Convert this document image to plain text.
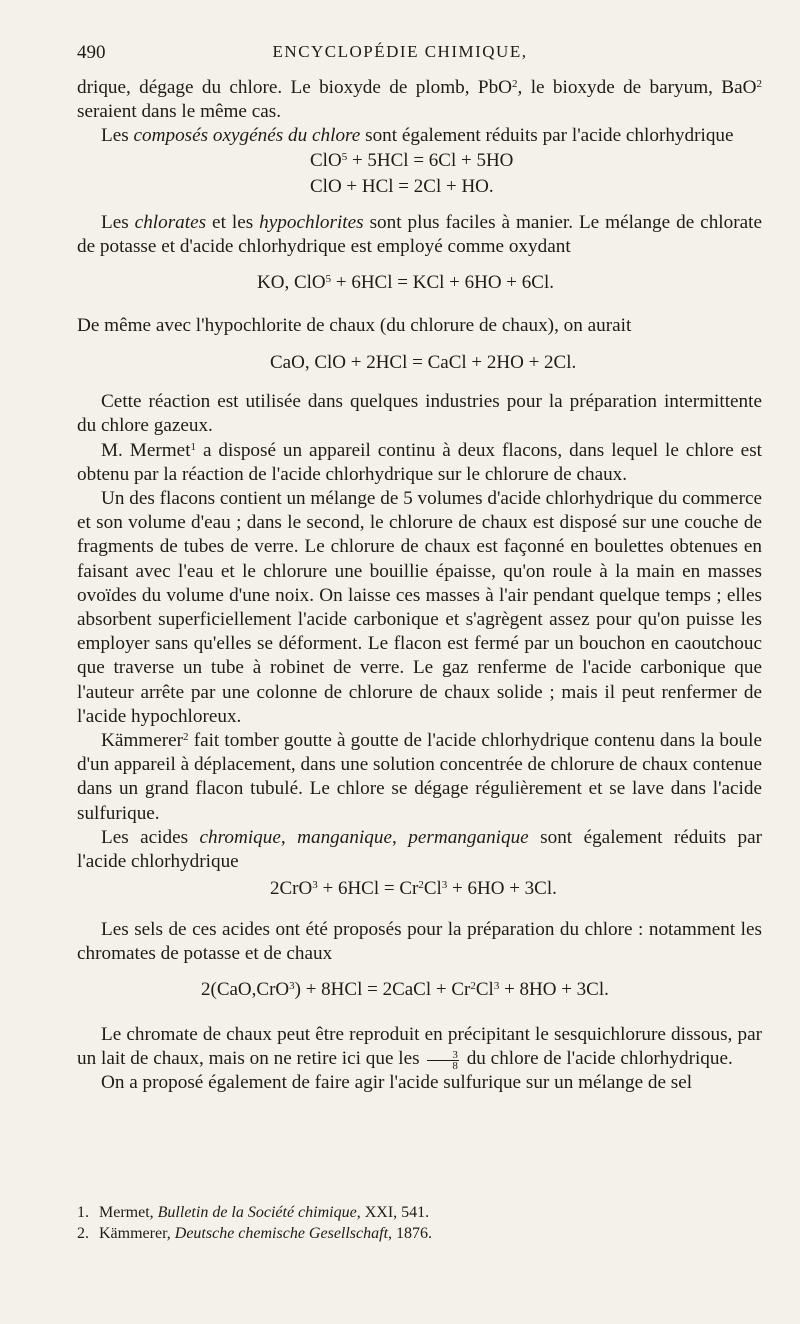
490	ENCYCLOPÉDIE CHIMIQUE,

drique, dégage du chlore. Le bioxyde de plomb, PbO$^2$, le bioxyde de baryum, BaO$^2$ seraient dans le même cas.

Les composés oxygénés du chlore sont également réduits par l'acide chlorhydrique

ClO$^5$ + 5HCl = 6Cl + 5HO
ClO + HCl = 2Cl + HO.

Les chlorates et les hypochlorites sont plus faciles à manier. Le mélange de chlorate de potasse et d'acide chlorhydrique est employé comme oxydant

KO, ClO$^5$ + 6HCl = KCl + 6HO + 6Cl.

De même avec l'hypochlorite de chaux (du chlorure de chaux), on aurait

CaO, ClO + 2HCl = CaCl + 2HO + 2Cl.

Cette réaction est utilisée dans quelques industries pour la préparation intermittente du chlore gazeux.

M. Mermet$^1$ a disposé un appareil continu à deux flacons, dans lequel le chlore est obtenu par la réaction de l'acide chlorhydrique sur le chlorure de chaux.

Un des flacons contient un mélange de 5 volumes d'acide chlorhydrique du commerce et son volume d'eau ; dans le second, le chlorure de chaux est disposé sur une couche de fragments de tubes de verre. Le chlorure de chaux est façonné en boulettes obtenues en faisant avec l'eau et le chlorure une bouillie épaisse, qu'on roule à la main en masses ovoïdes du volume d'une noix. On laisse ces masses à l'air pendant quelque temps ; elles absorbent superficiellement l'acide carbonique et s'agrègent assez pour qu'on puisse les employer sans qu'elles se déforment. Le flacon est fermé par un bouchon en caoutchouc que traverse un tube à robinet de verre. Le gaz renferme de l'acide carbonique que l'auteur arrête par une colonne de chlorure de chaux solide ; mais il peut renfermer de l'acide hypochloreux.

Kämmerer$^2$ fait tomber goutte à goutte de l'acide chlorhydrique contenu dans la boule d'un appareil à déplacement, dans une solution concentrée de chlorure de chaux contenue dans un grand flacon tubulé. Le chlore se dégage régulièrement et se lave dans l'acide sulfurique.

Les acides chromique, manganique, permanganique sont également réduits par l'acide chlorhydrique

$2CrO^3 + 6HCl = Cr^2Cl^3 + 6HO + 3Cl$.

Les sels de ces acides ont été proposés pour la préparation du chlore : notamment les chromates de potasse et de chaux

2(CaO,CrO$^3$) + 8HCl = 2CaCl + $Cr^2Cl^3 + 8HO + 3Cl$.

Le chromate de chaux peut être reproduit en précipitant le sesquichlorure dissous, par un lait de chaux, mais on ne retire ici que les $\frac{3}{8}$ du chlore de l'acide chlorhydrique.

On a proposé également de faire agir l'acide sulfurique sur un mélange de sel

1. Mermet, Bulletin de la Société chimique, XXI, 541.
2. Kämmerer, Deutsche chemische Gesellschaft, 1876.
